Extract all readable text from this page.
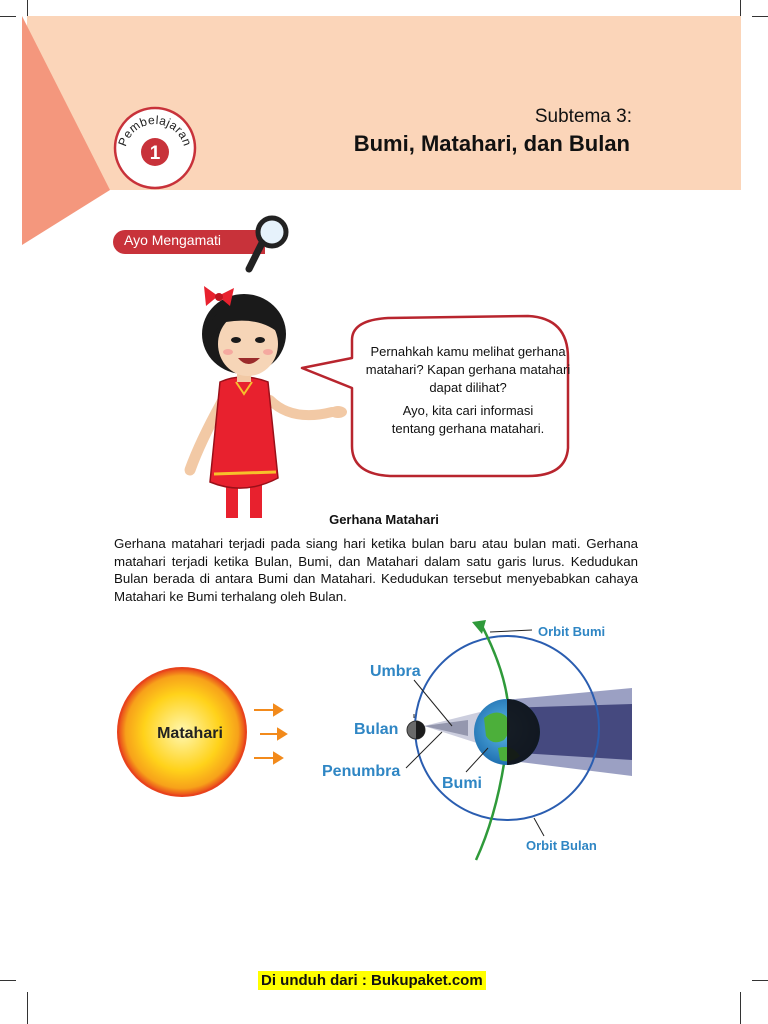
Pembelajaran
1
Subtema 3:
Bumi, Matahari, dan Bulan
Ayo Mengamati
Pernahkah kamu melihat gerhana
matahari? Kapan gerhana matahari
dapat dilihat?
Ayo, kita cari informasi
tentang gerhana matahari.
Gerhana Matahari
Gerhana matahari terjadi pada siang hari ketika bulan baru atau bulan mati. Gerhana matahari terjadi ketika Bulan, Bumi, dan Matahari dalam satu garis lurus. Kedudukan Bulan berada di antara Bumi dan Matahari. Kedudukan tersebut menyebabkan cahaya Matahari ke Bumi terhalang oleh Bulan.
Matahari
Umbra
Bulan
Penumbra
Bumi
Orbit Bumi
Orbit Bulan
Di unduh dari : Bukupaket.com
